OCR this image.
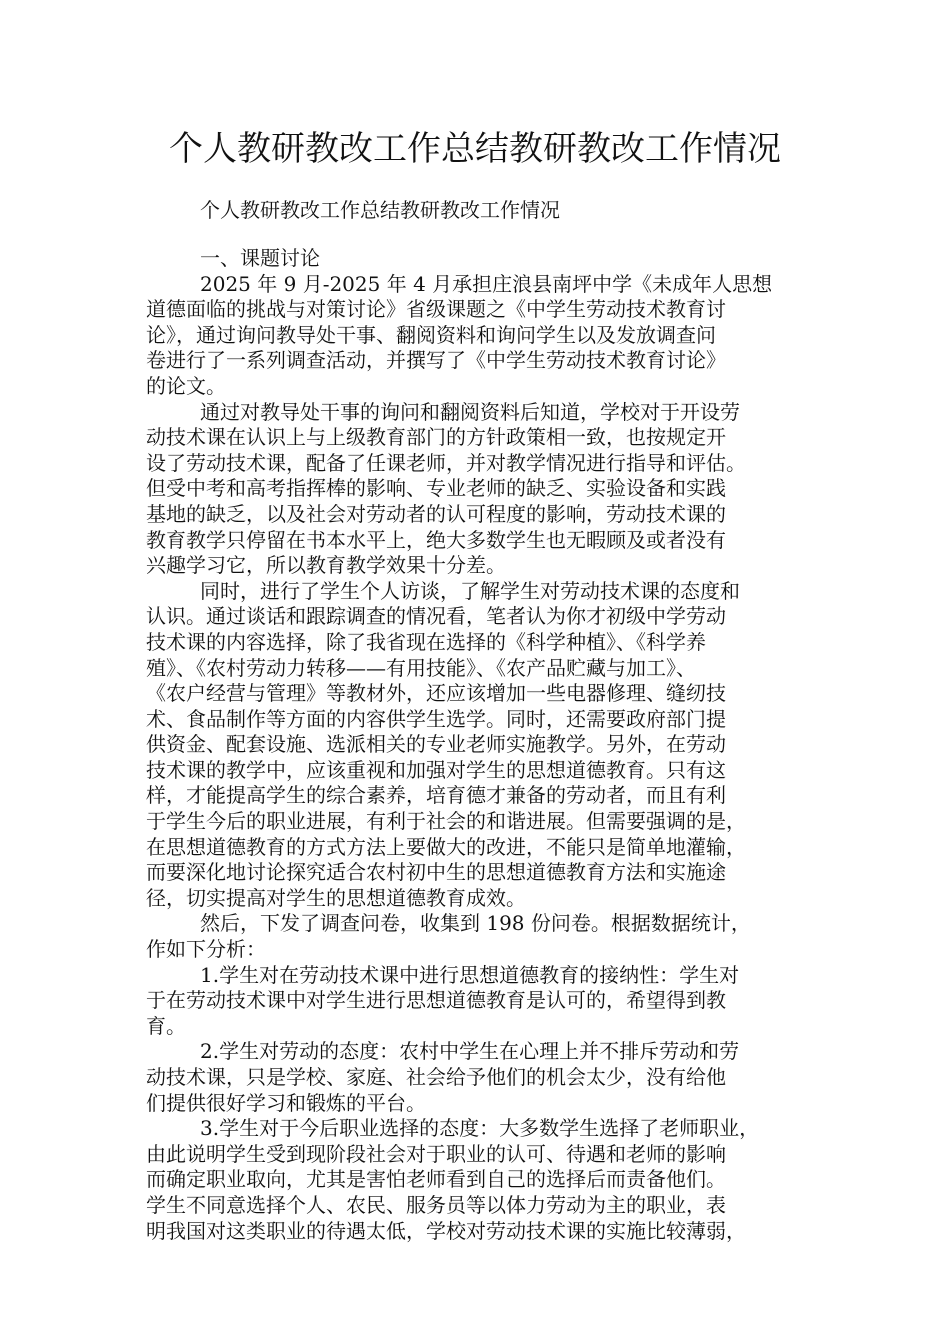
个人教研教改工作总结教研教改工作情况

个人教研教改工作总结教研教改工作情况

一、课题讨论

2025 年 9 月-2025 年 4 月承担庄浪县南坪中学《未成年人思想
道德面临的挑战与对策讨论》省级课题之《中学生劳动技术教育讨
论》，通过询问教导处干事、翻阅资料和询问学生以及发放调查问
卷进行了一系列调查活动，并撰写了《中学生劳动技术教育讨论》
的论文。

通过对教导处干事的询问和翻阅资料后知道，学校对于开设劳
动技术课在认识上与上级教育部门的方针政策相一致，也按规定开
设了劳动技术课，配备了任课老师，并对教学情况进行指导和评估。
但受中考和高考指挥棒的影响、专业老师的缺乏、实验设备和实践
基地的缺乏，以及社会对劳动者的认可程度的影响，劳动技术课的
教育教学只停留在书本水平上，绝大多数学生也无暇顾及或者没有
兴趣学习它，所以教育教学效果十分差。

同时，进行了学生个人访谈，了解学生对劳动技术课的态度和
认识。通过谈话和跟踪调查的情况看，笔者认为你才初级中学劳动
技术课的内容选择，除了我省现在选择的《科学种植》、《科学养
殖》、《农村劳动力转移——有用技能》、《农产品贮藏与加工》、
《农户经营与管理》等教材外，还应该增加一些电器修理、缝纫技
术、食品制作等方面的内容供学生选学。同时，还需要政府部门提
供资金、配套设施、选派相关的专业老师实施教学。另外，在劳动
技术课的教学中，应该重视和加强对学生的思想道德教育。只有这
样，才能提高学生的综合素养，培育德才兼备的劳动者，而且有利
于学生今后的职业进展，有利于社会的和谐进展。但需要强调的是，
在思想道德教育的方式方法上要做大的改进，不能只是简单地灌输，
而要深化地讨论探究适合农村初中生的思想道德教育方法和实施途
径，切实提高对学生的思想道德教育成效。

然后，下发了调查问卷，收集到 198 份问卷。根据数据统计，
作如下分析：

1.学生对在劳动技术课中进行思想道德教育的接纳性：学生对
于在劳动技术课中对学生进行思想道德教育是认可的，希望得到教
育。

2.学生对劳动的态度：农村中学生在心理上并不排斥劳动和劳
动技术课，只是学校、家庭、社会给予他们的机会太少，没有给他
们提供很好学习和锻炼的平台。

3.学生对于今后职业选择的态度：大多数学生选择了老师职业，
由此说明学生受到现阶段社会对于职业的认可、待遇和老师的影响
而确定职业取向，尤其是害怕老师看到自己的选择后而责备他们。
学生不同意选择个人、农民、服务员等以体力劳动为主的职业，表
明我国对这类职业的待遇太低，学校对劳动技术课的实施比较薄弱，
